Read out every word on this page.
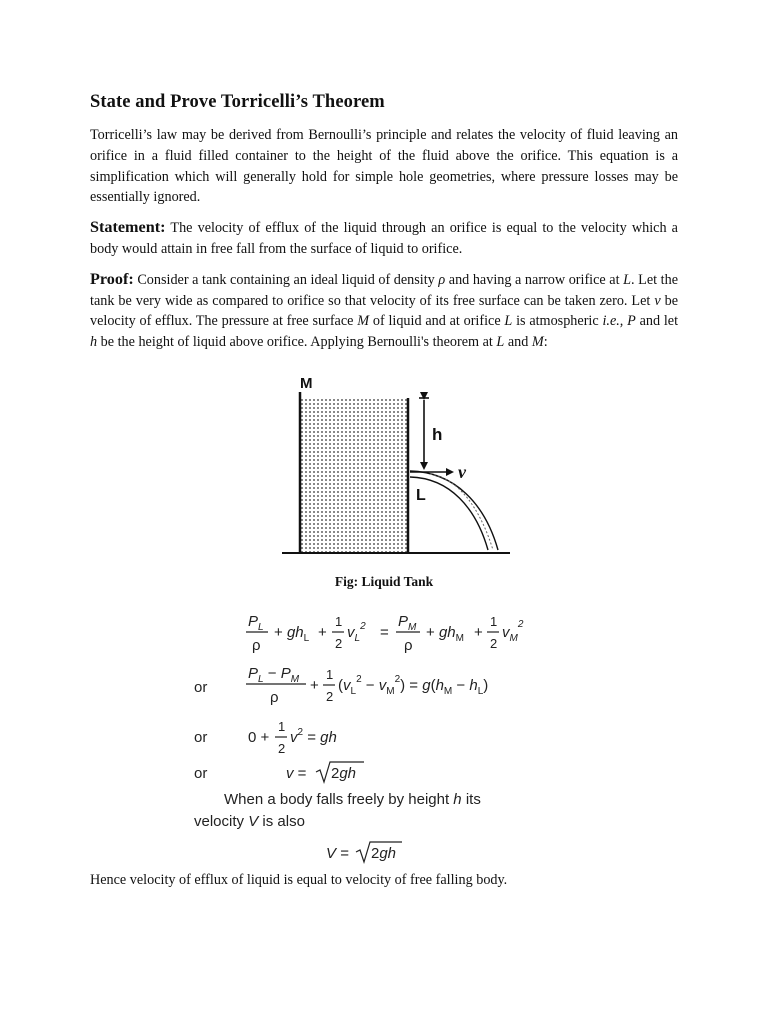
State and Prove Torricelli’s Theorem

Torricelli’s law may be derived from Bernoulli’s principle and relates the velocity of fluid leaving an orifice in a fluid filled container to the height of the fluid above the orifice. This equation is a simplification which will generally hold for simple hole geometries, where pressure losses may be essentially ignored.

Statement: The velocity of efflux of the liquid through an orifice is equal to the velocity which a body would attain in free fall from the surface of liquid to orifice.

Proof: Consider a tank containing an ideal liquid of density ρ and having a narrow orifice at L. Let the tank be very wide as compared to orifice so that velocity of its free surface can be taken zero. Let v be velocity of efflux. The pressure at free surface M of liquid and at orifice L is atmospheric i.e., P and let h be the height of liquid above orifice. Applying Bernoulli's theorem at L and M:

M
h
v
L
Fig: Liquid Tank
$P_L$
ρ
+ $gh_L$ +
1
2
$v_L^2$ =
$P_M$
ρ
+ $gh_M$ +
1
2
$v_M^2$
or
$P_L - P_M$
ρ
+
1
2
$(v_L^2 - v_M^2) = g(h_M - h_L)$
or	0 +
1
2
$v^2$ = gh
or	v = 2gh
When a body falls freely by height h its
velocity V is also
V = 2gh
Hence velocity of efflux of liquid is equal to velocity of free falling body.
